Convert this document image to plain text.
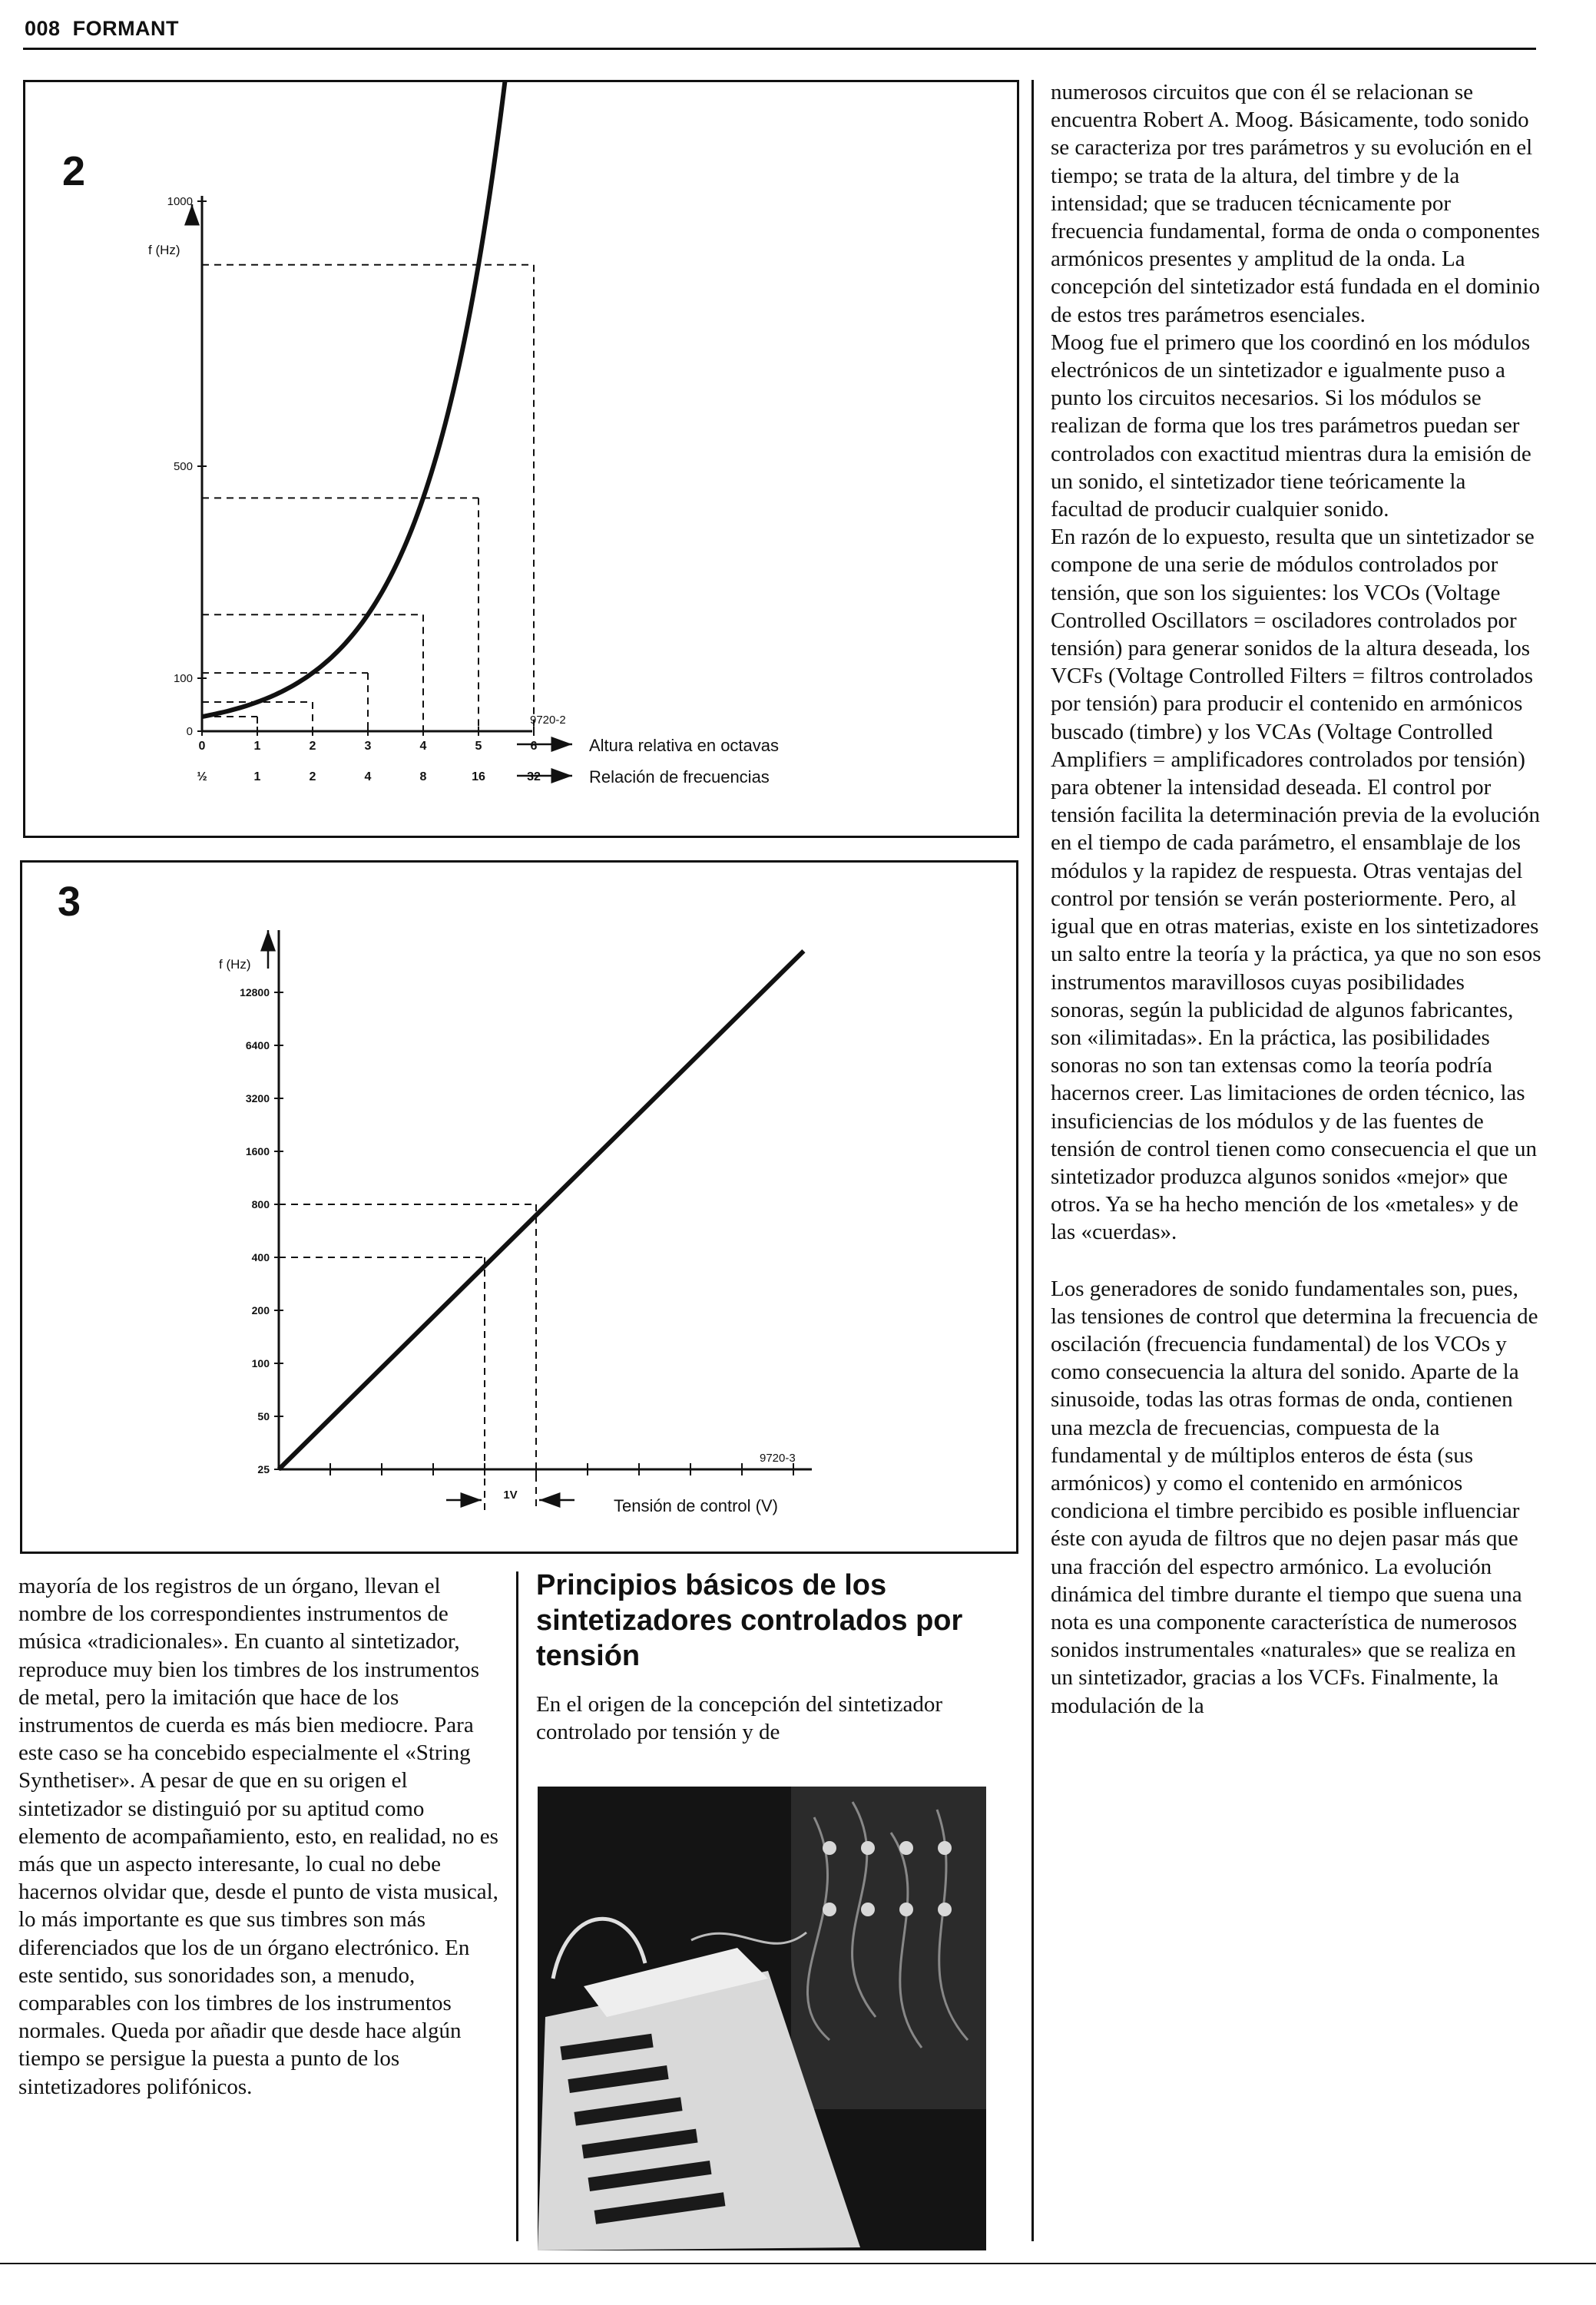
008 FORMANT
2
f (Hz)
1000
500
100
0
0
½
1
1
2
2
3
4
4
8
5
16
6
32
9720-2
Altura relativa en octavas
Relación de frecuencias
3
f (Hz)
12800
6400
3200
1600
800
400
200
100
50
25
9720-3
1V
Tensión de control (V)

mayoría de los registros de un órgano, llevan el nombre de los correspondientes instrumentos de música «tradicionales». En cuanto al sintetizador, reproduce muy bien los timbres de los instrumentos de metal, pero la imitación que hace de los instrumentos de cuerda es más bien mediocre. Para este caso se ha concebido especialmente el «String Synthetiser». A pesar de que en su origen el sintetizador se distinguió por su aptitud como elemento de acompañamiento, esto, en realidad, no es más que un aspecto interesante, lo cual no debe hacernos olvidar que, desde el punto de vista musical, lo más importante es que sus timbres son más diferenciados que los de un órgano electrónico. En este sentido, sus sonoridades son, a menudo, comparables con los timbres de los instrumentos normales. Queda por añadir que desde hace algún tiempo se persigue la puesta a punto de los sintetizadores polifónicos.

Principios básicos de los sintetizadores controlados por tensión

En el origen de la concepción del sintetizador controlado por tensión y de

numerosos circuitos que con él se relacionan se encuentra Robert A. Moog. Básicamente, todo sonido se caracteriza por tres parámetros y su evolución en el tiempo; se trata de la altura, del timbre y de la intensidad; que se traducen técnicamente por frecuencia fundamental, forma de onda o componentes armónicos presentes y amplitud de la onda. La concepción del sintetizador está fundada en el dominio de estos tres parámetros esenciales.

Moog fue el primero que los coordinó en los módulos electrónicos de un sintetizador e igualmente puso a punto los circuitos necesarios. Si los módulos se realizan de forma que los tres parámetros puedan ser controlados con exactitud mientras dura la emisión de un sonido, el sintetizador tiene teóricamente la facultad de producir cualquier sonido.

En razón de lo expuesto, resulta que un sintetizador se compone de una serie de módulos controlados por tensión, que son los siguientes: los VCOs (Voltage Controlled Oscillators = osciladores controlados por tensión) para generar sonidos de la altura deseada, los VCFs (Voltage Controlled Filters = filtros controlados por tensión) para producir el contenido en armónicos buscado (timbre) y los VCAs (Voltage Controlled Amplifiers = amplificadores controlados por tensión) para obtener la intensidad deseada. El control por tensión facilita la determinación previa de la evolución en el tiempo de cada parámetro, el ensamblaje de los módulos y la rapidez de respuesta. Otras ventajas del control por tensión se verán posteriormente. Pero, al igual que en otras materias, existe en los sintetizadores un salto entre la teoría y la práctica, ya que no son esos instrumentos maravillosos cuyas posibilidades sonoras, según la publicidad de algunos fabricantes, son «ilimitadas». En la práctica, las posibilidades sonoras no son tan extensas como la teoría podría hacernos creer. Las limitaciones de orden técnico, las insuficiencias de los módulos y de las fuentes de tensión de control tienen como consecuencia el que un sintetizador produzca algunos sonidos «mejor» que otros. Ya se ha hecho mención de los «metales» y de las «cuerdas».

Los generadores de sonido fundamentales son, pues, las tensiones de control que determina la frecuencia de oscilación (frecuencia fundamental) de los VCOs y como consecuencia la altura del sonido. Aparte de la sinusoide, todas las otras formas de onda, contienen una mezcla de frecuencias, compuesta de la fundamental y de múltiplos enteros de ésta (sus armónicos) y como el contenido en armónicos condiciona el timbre percibido es posible influenciar éste con ayuda de filtros que no dejen pasar más que una fracción del espectro armónico. La evolución dinámica del timbre durante el tiempo que suena una nota es una componente característica de numerosos sonidos instrumentales «naturales» que se realiza en un sintetizador, gracias a los VCFs. Finalmente, la modulación de la
